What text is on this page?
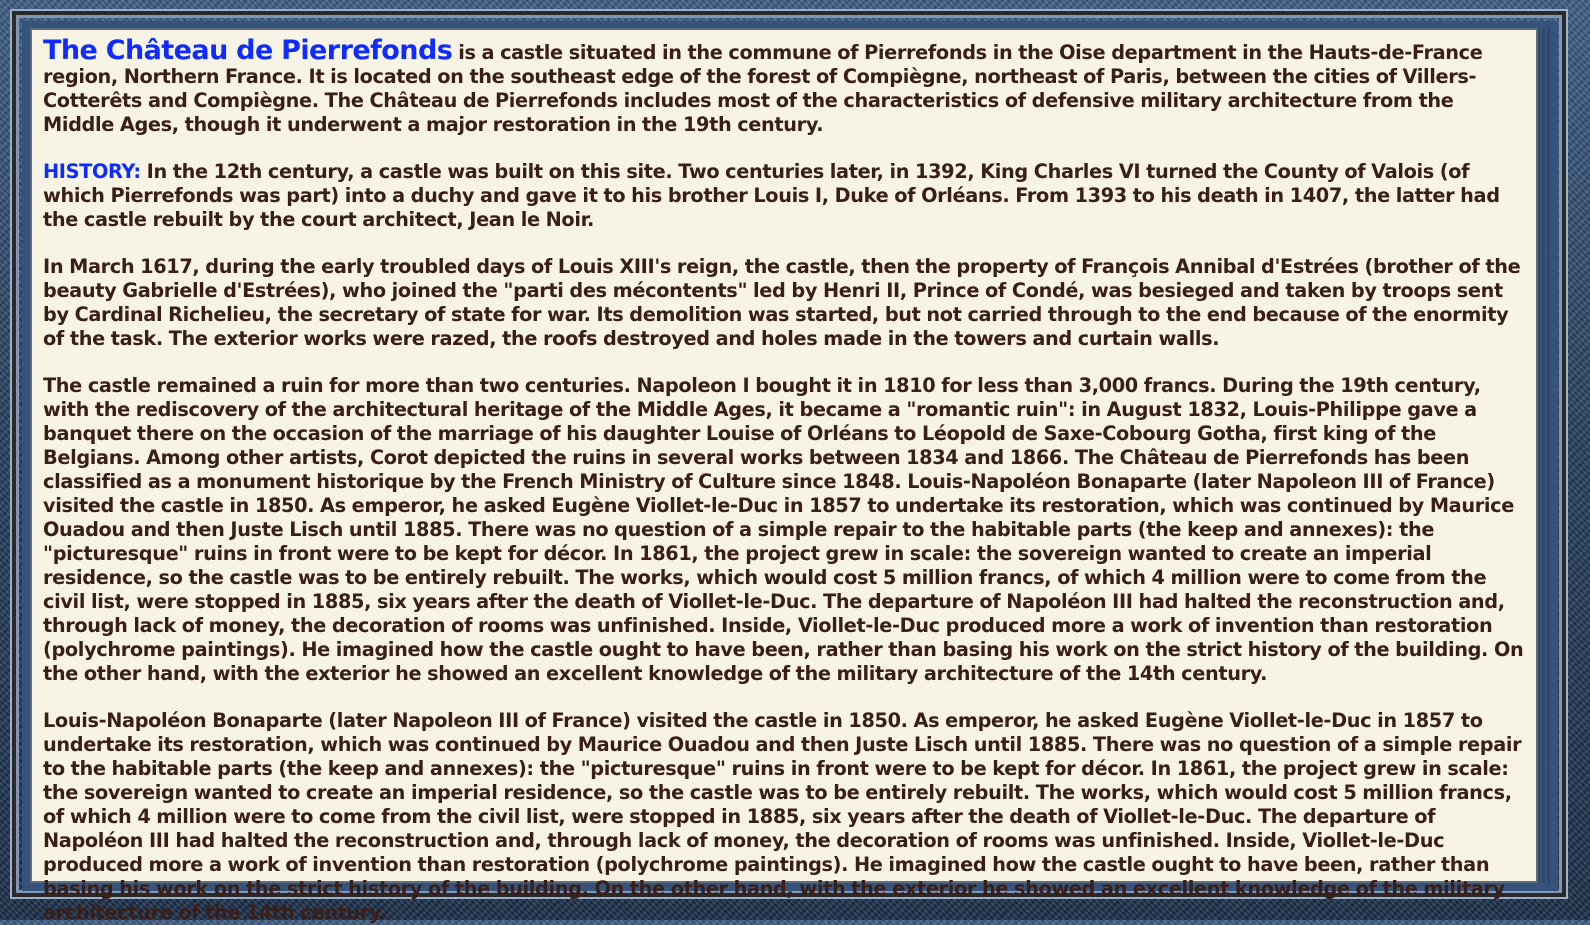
The Château de Pierrefonds is a castle situated in the commune of Pierrefonds in the Oise department in the Hauts-de-France region, Northern France. It is located on the southeast edge of the forest of Compiègne, northeast of Paris, between the cities of Villers-Cotterêts and Compiègne. The Château de Pierrefonds includes most of the characteristics of defensive military architecture from the Middle Ages, though it underwent a major restoration in the 19th century.

HISTORY: In the 12th century, a castle was built on this site. Two centuries later, in 1392, King Charles VI turned the County of Valois (of which Pierrefonds was part) into a duchy and gave it to his brother Louis I, Duke of Orléans. From 1393 to his death in 1407, the latter had the castle rebuilt by the court architect, Jean le Noir.

In March 1617, during the early troubled days of Louis XIII's reign, the castle, then the property of François Annibal d'Estrées (brother of the beauty Gabrielle d'Estrées), who joined the "parti des mécontents" led by Henri II, Prince of Condé, was besieged and taken by troops sent by Cardinal Richelieu, the secretary of state for war. Its demolition was started, but not carried through to the end because of the enormity of the task. The exterior works were razed, the roofs destroyed and holes made in the towers and curtain walls.

The castle remained a ruin for more than two centuries. Napoleon I bought it in 1810 for less than 3,000 francs. During the 19th century, with the rediscovery of the architectural heritage of the Middle Ages, it became a "romantic ruin": in August 1832, Louis-Philippe gave a banquet there on the occasion of the marriage of his daughter Louise of Orléans to Léopold de Saxe-Cobourg Gotha, first king of the Belgians. Among other artists, Corot depicted the ruins in several works between 1834 and 1866. The Château de Pierrefonds has been classified as a monument historique by the French Ministry of Culture since 1848. Louis-Napoléon Bonaparte (later Napoleon III of France) visited the castle in 1850. As emperor, he asked Eugène Viollet-le-Duc in 1857 to undertake its restoration, which was continued by Maurice Ouadou and then Juste Lisch until 1885. There was no question of a simple repair to the habitable parts (the keep and annexes): the "picturesque" ruins in front were to be kept for décor. In 1861, the project grew in scale: the sovereign wanted to create an imperial residence, so the castle was to be entirely rebuilt. The works, which would cost 5 million francs, of which 4 million were to come from the civil list, were stopped in 1885, six years after the death of Viollet-le-Duc. The departure of Napoléon III had halted the reconstruction and, through lack of money, the decoration of rooms was unfinished. Inside, Viollet-le-Duc produced more a work of invention than restoration (polychrome paintings). He imagined how the castle ought to have been, rather than basing his work on the strict history of the building. On the other hand, with the exterior he showed an excellent knowledge of the military architecture of the 14th century.

Louis-Napoléon Bonaparte (later Napoleon III of France) visited the castle in 1850. As emperor, he asked Eugène Viollet-le-Duc in 1857 to undertake its restoration, which was continued by Maurice Ouadou and then Juste Lisch until 1885. There was no question of a simple repair to the habitable parts (the keep and annexes): the "picturesque" ruins in front were to be kept for décor. In 1861, the project grew in scale: the sovereign wanted to create an imperial residence, so the castle was to be entirely rebuilt. The works, which would cost 5 million francs, of which 4 million were to come from the civil list, were stopped in 1885, six years after the death of Viollet-le-Duc. The departure of Napoléon III had halted the reconstruction and, through lack of money, the decoration of rooms was unfinished. Inside, Viollet-le-Duc produced more a work of invention than restoration (polychrome paintings). He imagined how the castle ought to have been, rather than basing his work on the strict history of the building. On the other hand, with the exterior he showed an excellent knowledge of the military architecture of the 14th century.
